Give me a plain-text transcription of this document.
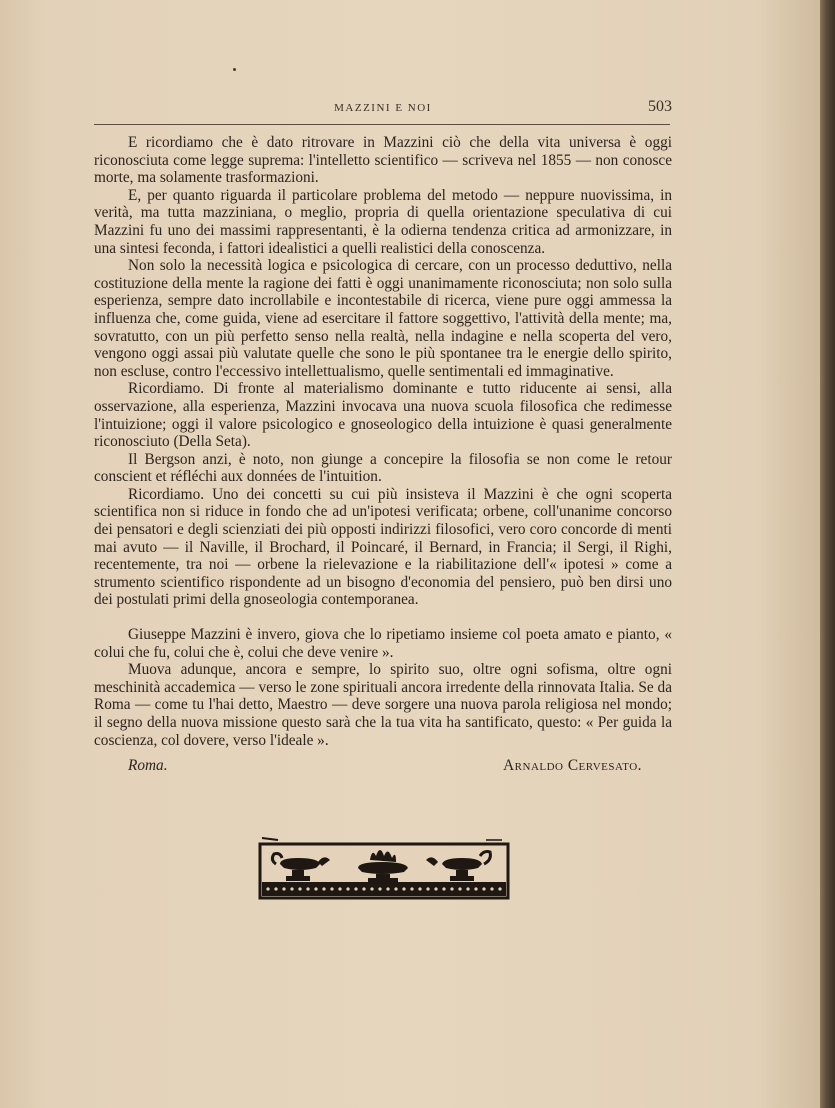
MAZZINI E NOI	503

E ricordiamo che è dato ritrovare in Mazzini ciò che della vita universa è oggi riconosciuta come legge suprema: l'intelletto scientifico — scriveva nel 1855 — non conosce morte, ma solamente trasformazioni.

E, per quanto riguarda il particolare problema del metodo — neppure nuovissima, in verità, ma tutta mazziniana, o meglio, propria di quella orientazione speculativa di cui Mazzini fu uno dei massimi rappresentanti, è la odierna tendenza critica ad armonizzare, in una sintesi feconda, i fattori idealistici a quelli realistici della conoscenza.

Non solo la necessità logica e psicologica di cercare, con un processo deduttivo, nella costituzione della mente la ragione dei fatti è oggi unanimamente riconosciuta; non solo sulla esperienza, sempre dato incrollabile e incontestabile di ricerca, viene pure oggi ammessa la influenza che, come guida, viene ad esercitare il fattore soggettivo, l'attività della mente; ma, sovratutto, con un più perfetto senso nella realtà, nella indagine e nella scoperta del vero, vengono oggi assai più valutate quelle che sono le più spontanee tra le energie dello spirito, non escluse, contro l'eccessivo intellettualismo, quelle sentimentali ed immaginative.

Ricordiamo. Di fronte al materialismo dominante e tutto riducente ai sensi, alla osservazione, alla esperienza, Mazzini invocava una nuova scuola filosofica che redimesse l'intuizione; oggi il valore psicologico e gnoseologico della intuizione è quasi generalmente riconosciuto (Della Seta).

Il Bergson anzi, è noto, non giunge a concepire la filosofia se non come le retour conscient et réfléchi aux données de l'intuition.

Ricordiamo. Uno dei concetti su cui più insisteva il Mazzini è che ogni scoperta scientifica non si riduce in fondo che ad un'ipotesi verificata; orbene, coll'unanime concorso dei pensatori e degli scienziati dei più opposti indirizzi filosofici, vero coro concorde di menti mai avuto — il Naville, il Brochard, il Poincaré, il Bernard, in Francia; il Sergi, il Righi, recentemente, tra noi — orbene la rielevazione e la riabilitazione dell'« ipotesi » come a strumento scientifico rispondente ad un bisogno d'economia del pensiero, può ben dirsi uno dei postulati primi della gnoseologia contemporanea.

Giuseppe Mazzini è invero, giova che lo ripetiamo insieme col poeta amato e pianto, « colui che fu, colui che è, colui che deve venire ».

Muova adunque, ancora e sempre, lo spirito suo, oltre ogni sofisma, oltre ogni meschinità accademica — verso le zone spirituali ancora irredente della rinnovata Italia. Se da Roma — come tu l'hai detto, Maestro — deve sorgere una nuova parola religiosa nel mondo; il segno della nuova missione questo sarà che la tua vita ha santificato, questo: « Per guida la coscienza, col dovere, verso l'ideale ».

Roma.	Arnaldo Cervesato.
